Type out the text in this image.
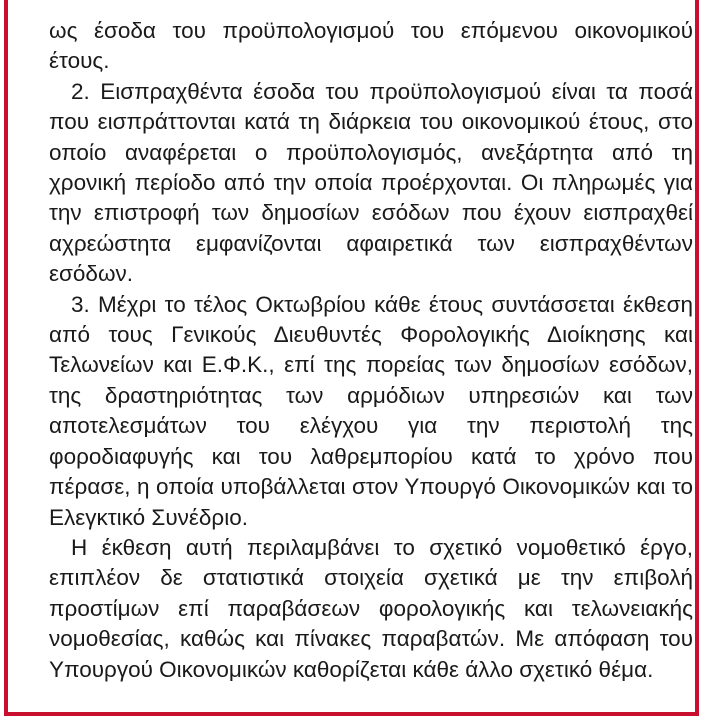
ως έσοδα του προϋπολογισμού του επόμενου οικονομικού έτους.

2. Εισπραχθέντα έσοδα του προϋπολογισμού είναι τα ποσά που εισπράττονται κατά τη διάρκεια του οικονομικού έτους, στο οποίο αναφέρεται ο προϋπολογισμός, ανεξάρτητα από τη χρονική περίοδο από την οποία προέρχονται. Οι πληρωμές για την επιστροφή των δημοσίων εσόδων που έχουν εισπραχθεί αχρεώστητα εμφανίζονται αφαιρετικά των εισπραχθέντων εσόδων.

3. Μέχρι το τέλος Οκτωβρίου κάθε έτους συντάσσεται έκθεση από τους Γενικούς Διευθυντές Φορολογικής Διοίκησης και Τελωνείων και Ε.Φ.Κ., επί της πορείας των δημοσίων εσόδων, της δραστηριότητας των αρμόδιων υπηρεσιών και των αποτελεσμάτων του ελέγχου για την περιστολή της φοροδιαφυγής και του λαθρεμπορίου κατά το χρόνο που πέρασε, η οποία υποβάλλεται στον Υπουργό Οικονομικών και το Ελεγκτικό Συνέδριο.

Η έκθεση αυτή περιλαμβάνει το σχετικό νομοθετικό έργο, επιπλέον δε στατιστικά στοιχεία σχετικά με την επιβολή προστίμων επί παραβάσεων φορολογικής και τελωνειακής νομοθεσίας, καθώς και πίνακες παραβατών. Με απόφαση του Υπουργού Οικονομικών καθορίζεται κάθε άλλο σχετικό θέμα.
